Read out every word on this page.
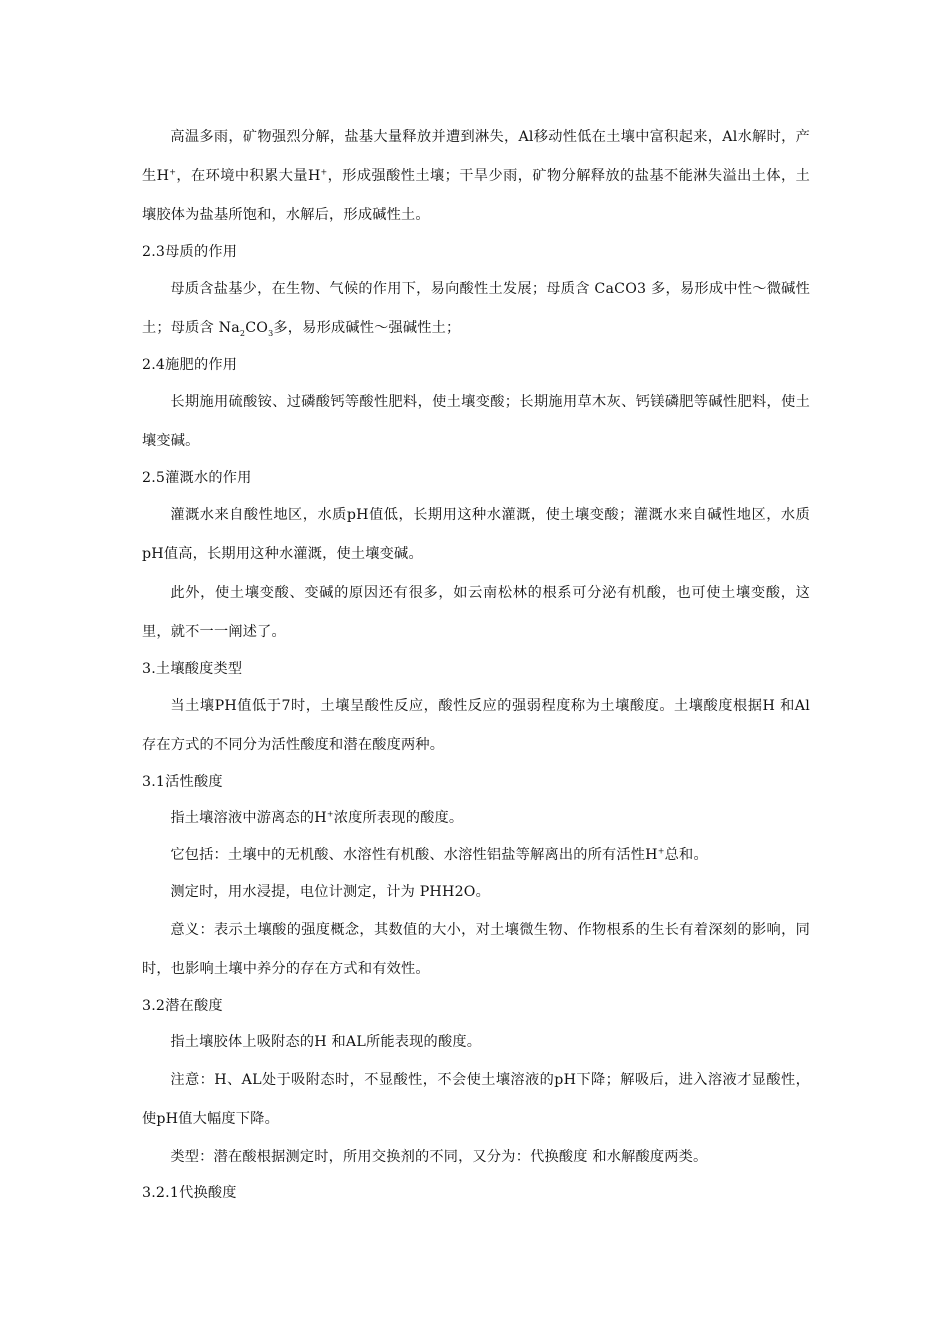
高温多雨，矿物强烈分解，盐基大量释放并遭到淋失，Al移动性低在土壤中富积起来，Al水解时，产生H+，在环境中积累大量H+，形成强酸性土壤；干旱少雨，矿物分解释放的盐基不能淋失溢出土体，土壤胶体为盐基所饱和，水解后，形成碱性土。

2.3母质的作用

母质含盐基少，在生物、气候的作用下，易向酸性土发展；母质含 CaCO3 多，易形成中性～微碱性土；母质含 $Na_2CO_3$多，易形成碱性～强碱性土；

2.4施肥的作用

长期施用硫酸铵、过磷酸钙等酸性肥料，使土壤变酸；长期施用草木灰、钙镁磷肥等碱性肥料，使土壤变碱。

2.5灌溉水的作用

灌溉水来自酸性地区，水质pH值低，长期用这种水灌溉，使土壤变酸；灌溉水来自碱性地区，水质pH值高，长期用这种水灌溉，使土壤变碱。

此外，使土壤变酸、变碱的原因还有很多，如云南松林的根系可分泌有机酸，也可使土壤变酸，这里，就不一一阐述了。

3.土壤酸度类型

当土壤PH值低于7时，土壤呈酸性反应，酸性反应的强弱程度称为土壤酸度。土壤酸度根据H 和Al 存在方式的不同分为活性酸度和潜在酸度两种。

3.1活性酸度

指土壤溶液中游离态的H+浓度所表现的酸度。

它包括：土壤中的无机酸、水溶性有机酸、水溶性铝盐等解离出的所有活性H+总和。

测定时，用水浸提，电位计测定，计为 PHH2O。

意义：表示土壤酸的强度概念，其数值的大小，对土壤微生物、作物根系的生长有着深刻的影响，同时，也影响土壤中养分的存在方式和有效性。

3.2潜在酸度

指土壤胶体上吸附态的H 和AL所能表现的酸度。

注意：H、AL处于吸附态时，不显酸性，不会使土壤溶液的pH下降；解吸后，进入溶液才显酸性，使pH值大幅度下降。

类型：潜在酸根据测定时，所用交换剂的不同，又分为：代换酸度 和水解酸度两类。

3.2.1代换酸度
